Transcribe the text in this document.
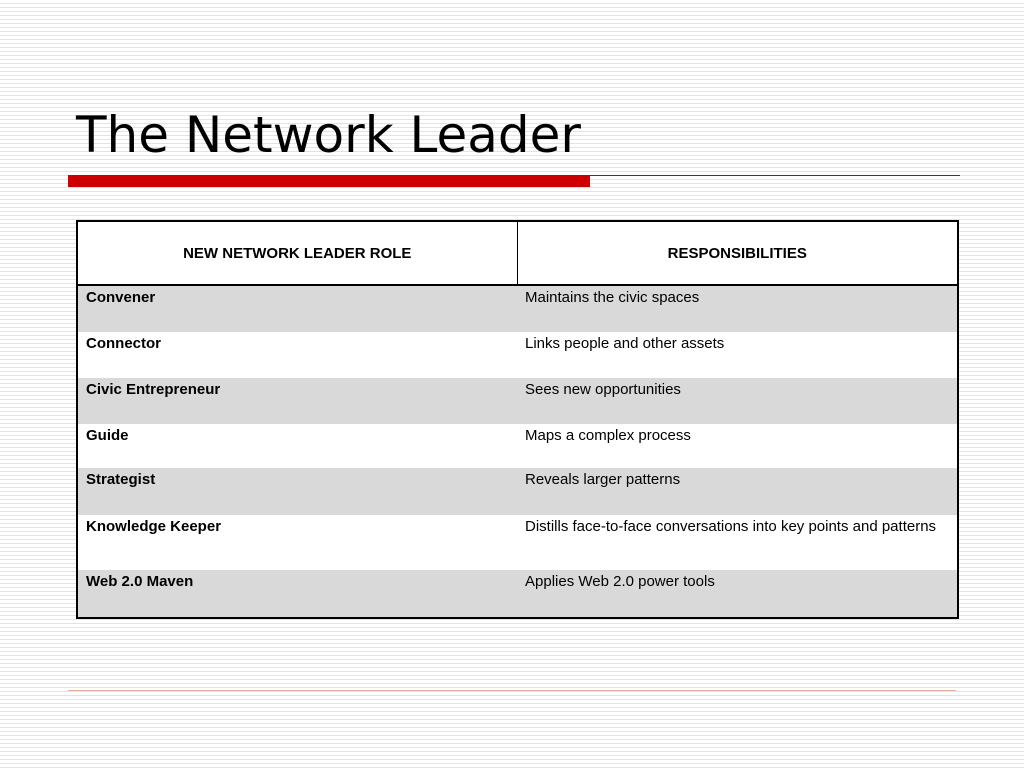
The Network Leader
NEW NETWORK LEADER ROLE	RESPONSIBILITIES
Convener	Maintains the civic spaces
Connector	Links people and other assets
Civic Entrepreneur	Sees new opportunities
Guide	Maps a complex process
Strategist	Reveals larger patterns
Knowledge Keeper	Distills face-to-face conversations into key points and patterns
Web 2.0 Maven	Applies Web 2.0 power tools
